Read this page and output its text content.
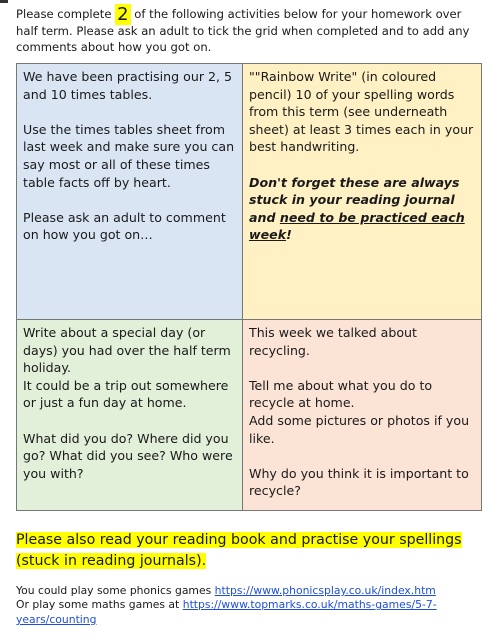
Please complete 2 of the following activities below for your homework over half term. Please ask an adult to tick the grid when completed and to add any comments about how you got on.

We have been practising our 2, 5 and 10 times tables.

Use the times tables sheet from last week and make sure you can say most or all of these times table facts off by heart.

Please ask an adult to comment on how you got on…

""Rainbow Write" (in coloured pencil) 10 of your spelling words from this term (see underneath sheet) at least 3 times each in your best handwriting.

Don't forget these are always stuck in your reading journal and need to be practiced each week!

Write about a special day (or days) you had over the half term holiday.

It could be a trip out somewhere or just a fun day at home.

What did you do? Where did you go? What did you see? Who were you with?

This week we talked about recycling.

Tell me about what you do to recycle at home.

Add some pictures or photos if you like.

Why do you think it is important to recycle?

Please also read your reading book and practise your spellings (stuck in reading journals).
You could play some phonics games https://www.phonicsplay.co.uk/index.htm
Or play some maths games at https://www.topmarks.co.uk/maths-games/5-7-years/counting
